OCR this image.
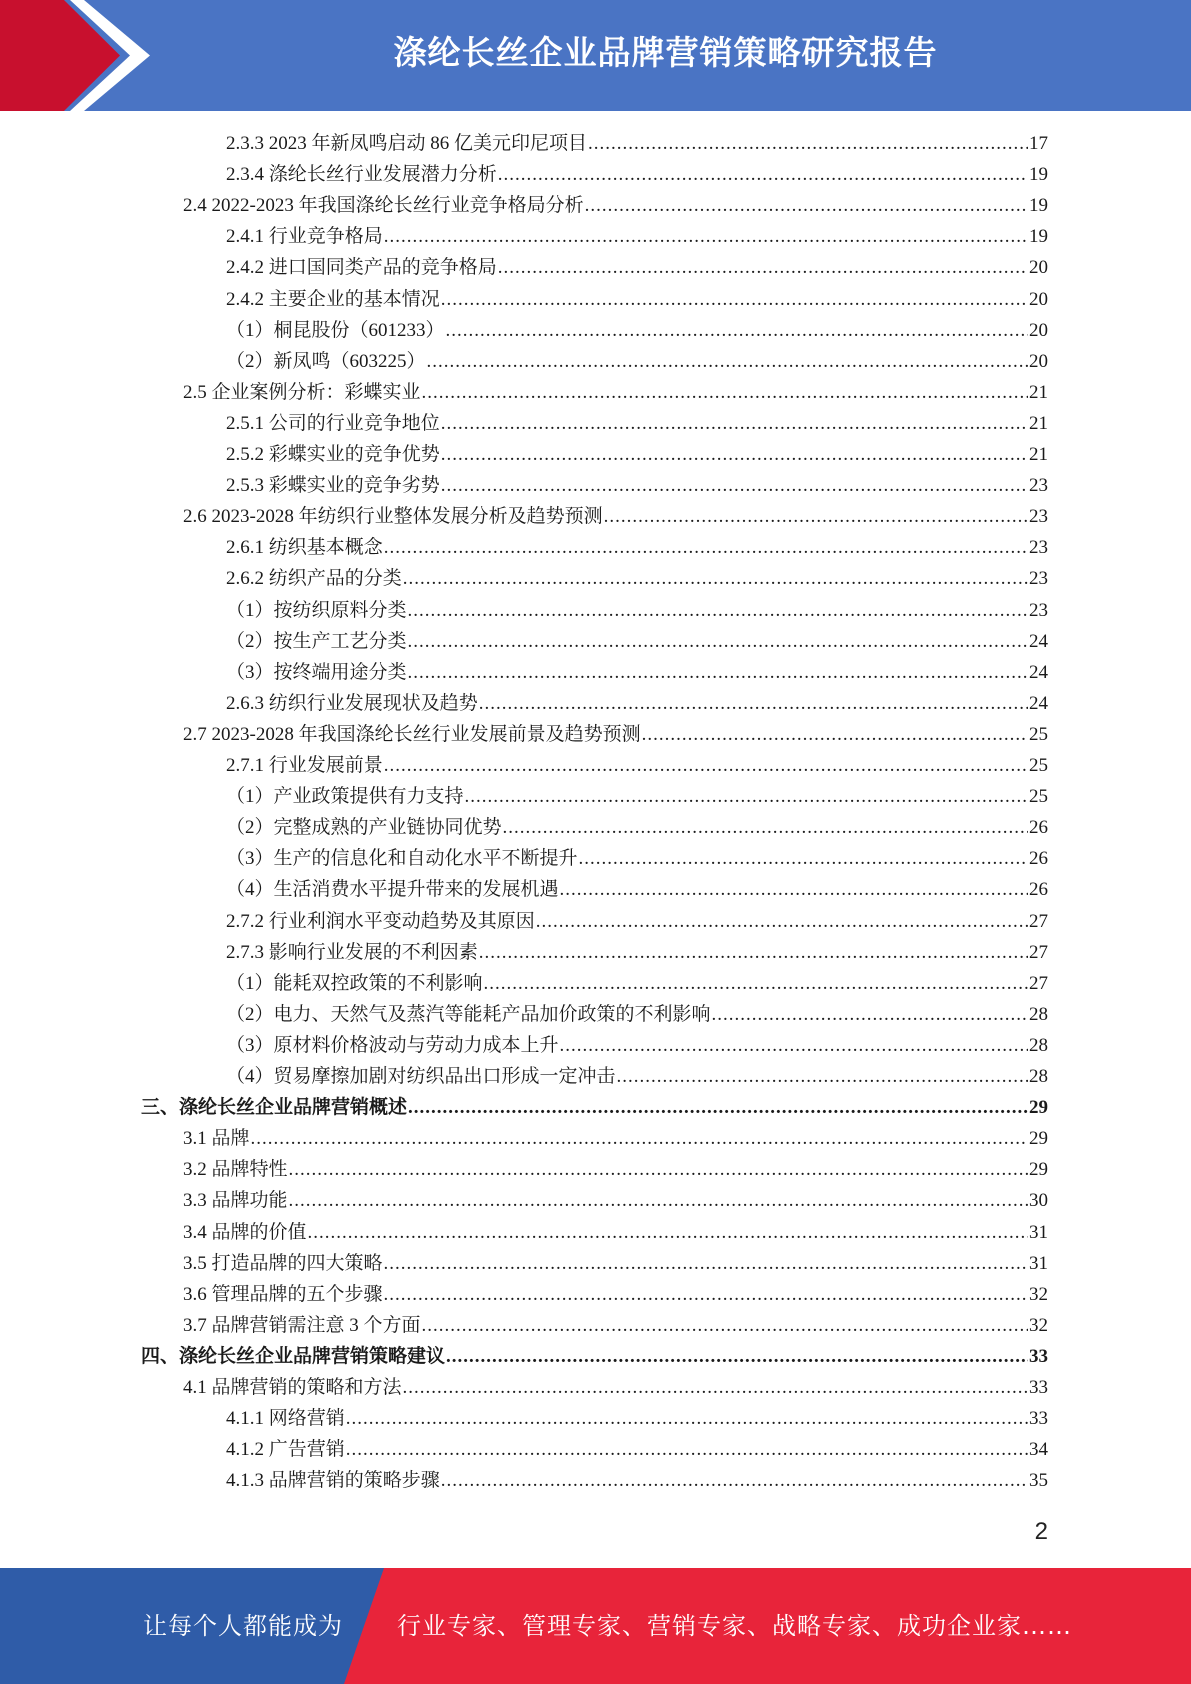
涤纶长丝企业品牌营销策略研究报告
2.3.3 2023 年新凤鸣启动 86 亿美元印尼项目 .....	17
2.3.4 涤纶长丝行业发展潜力分析 .....	19
2.4 2022-2023 年我国涤纶长丝行业竞争格局分析 .....	19
2.4.1 行业竞争格局 .....	19
2.4.2 进口国同类产品的竞争格局 .....	20
2.4.2 主要企业的基本情况 .....	20
（1）桐昆股份（601233） .....	20
（2）新凤鸣（603225） .....	20
2.5 企业案例分析：彩蝶实业 .....	21
2.5.1 公司的行业竞争地位 .....	21
2.5.2 彩蝶实业的竞争优势 .....	21
2.5.3 彩蝶实业的竞争劣势 .....	23
2.6 2023-2028 年纺织行业整体发展分析及趋势预测 .....	23
2.6.1 纺织基本概念 .....	23
2.6.2 纺织产品的分类 .....	23
（1）按纺织原料分类 .....	23
（2）按生产工艺分类 .....	24
（3）按终端用途分类 .....	24
2.6.3 纺织行业发展现状及趋势 .....	24
2.7 2023-2028 年我国涤纶长丝行业发展前景及趋势预测 .....	25
2.7.1 行业发展前景 .....	25
（1）产业政策提供有力支持 .....	25
（2）完整成熟的产业链协同优势 .....	26
（3）生产的信息化和自动化水平不断提升 .....	26
（4）生活消费水平提升带来的发展机遇 .....	26
2.7.2 行业利润水平变动趋势及其原因 .....	27
2.7.3 影响行业发展的不利因素 .....	27
（1）能耗双控政策的不利影响 .....	27
（2）电力、天然气及蒸汽等能耗产品加价政策的不利影响 .....	28
（3）原材料价格波动与劳动力成本上升 .....	28
（4）贸易摩擦加剧对纺织品出口形成一定冲击 .....	28
三、涤纶长丝企业品牌营销概述 .....	29
3.1 品牌 .....	29
3.2 品牌特性 .....	29
3.3 品牌功能 .....	30
3.4 品牌的价值 .....	31
3.5 打造品牌的四大策略 .....	31
3.6 管理品牌的五个步骤 .....	32
3.7 品牌营销需注意 3 个方面 .....	32
四、涤纶长丝企业品牌营销策略建议 .....	33
4.1 品牌营销的策略和方法 .....	33
4.1.1 网络营销 .....	33
4.1.2 广告营销 .....	34
4.1.3 品牌营销的策略步骤 .....	35
2
让每个人都能成为 行业专家、管理专家、营销专家、战略专家、成功企业家……
